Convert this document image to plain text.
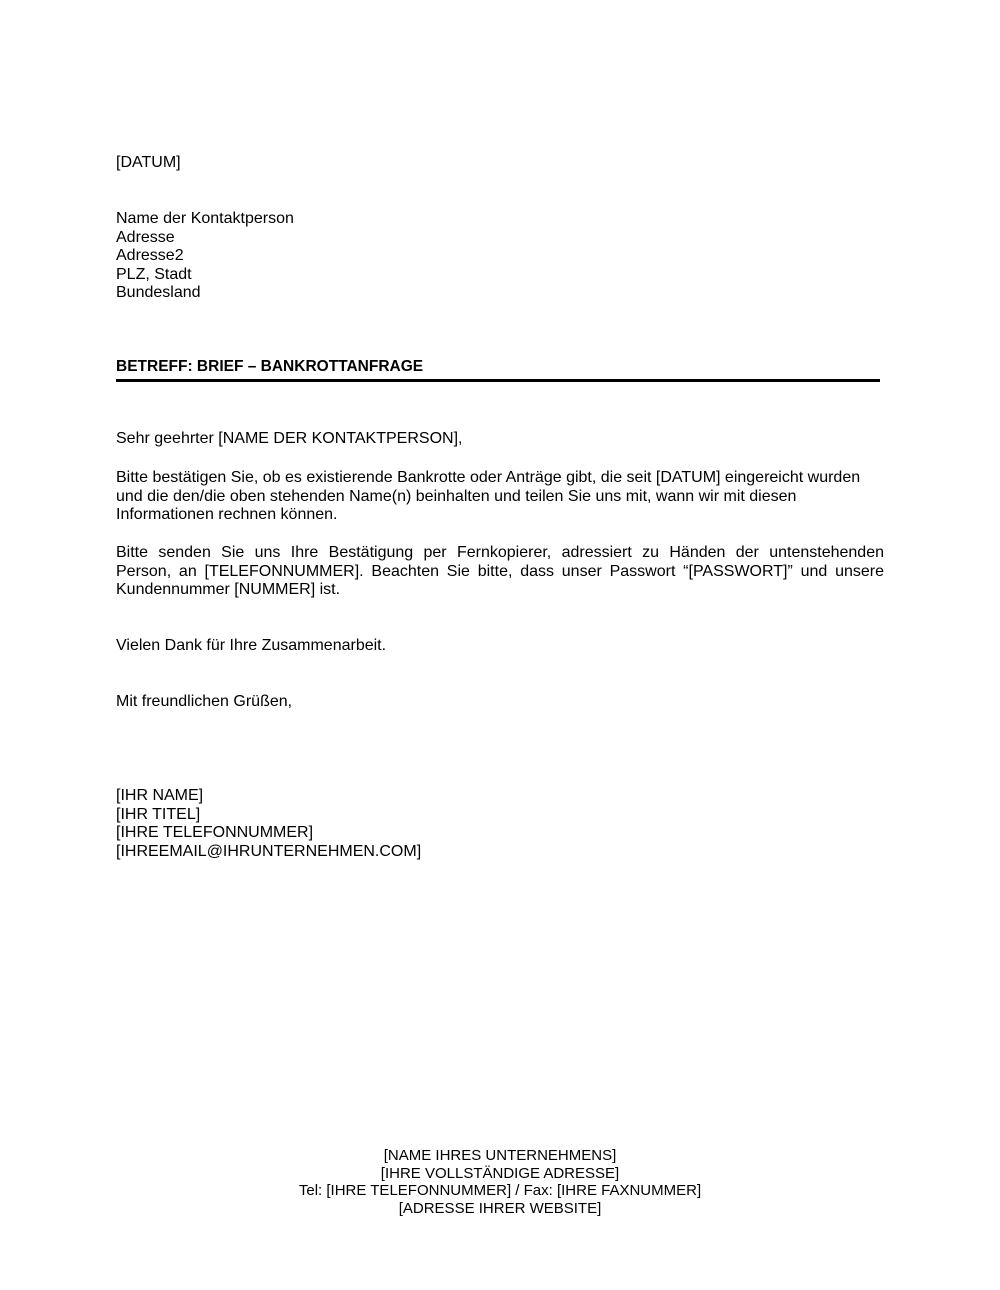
[DATUM]
Name der Kontaktperson
Adresse
Adresse2
PLZ, Stadt
Bundesland
BETREFF: BRIEF – BANKROTTANFRAGE
Sehr geehrter [NAME DER KONTAKTPERSON],
Bitte bestätigen Sie, ob es existierende Bankrotte oder Anträge gibt, die seit [DATUM] eingereicht wurden
und die den/die oben stehenden Name(n) beinhalten und teilen Sie uns mit, wann wir mit diesen
Informationen rechnen können.
Bitte senden Sie uns Ihre Bestätigung per Fernkopierer, adressiert zu Händen der untenstehenden
Person, an [TELEFONNUMMER]. Beachten Sie bitte, dass unser Passwort “[PASSWORT]” und unsere
Kundennummer [NUMMER] ist.
Vielen Dank für Ihre Zusammenarbeit.
Mit freundlichen Grüßen,
[IHR NAME]
[IHR TITEL]
[IHRE TELEFONNUMMER]
[IHREEMAIL@IHRUNTERNEHMEN.COM]
[NAME IHRES UNTERNEHMENS]
[IHRE VOLLSTÄNDIGE ADRESSE]
Tel: [IHRE TELEFONNUMMER] / Fax: [IHRE FAXNUMMER]
[ADRESSE IHRER WEBSITE]
